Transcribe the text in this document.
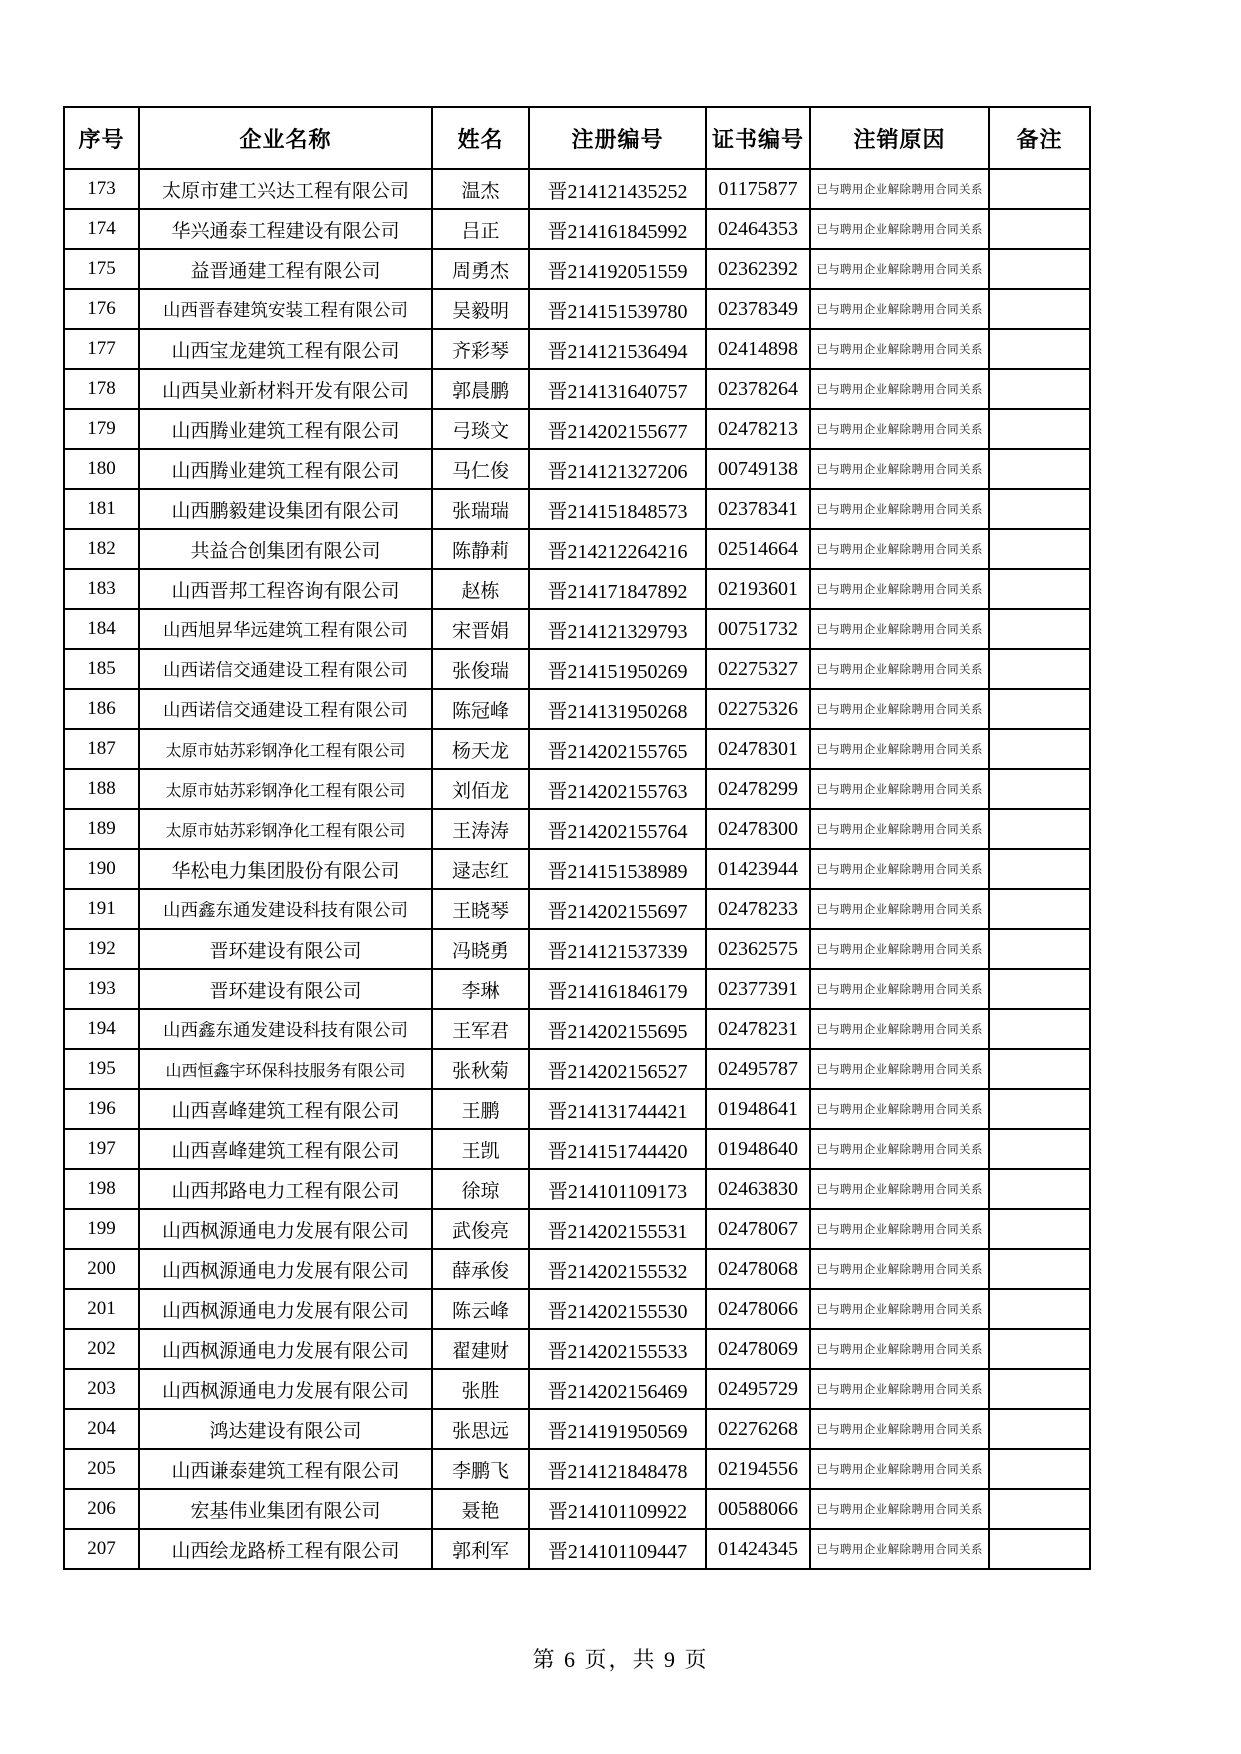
序号	企业名称	姓名	注册编号	证书编号	注销原因	备注
173	太原市建工兴达工程有限公司	温杰	晋214121435252	01175877	已与聘用企业解除聘用合同关系	
174	华兴通泰工程建设有限公司	吕正	晋214161845992	02464353	已与聘用企业解除聘用合同关系	
175	益晋通建工程有限公司	周勇杰	晋214192051559	02362392	已与聘用企业解除聘用合同关系	
176	山西晋春建筑安装工程有限公司	吴毅明	晋214151539780	02378349	已与聘用企业解除聘用合同关系	
177	山西宝龙建筑工程有限公司	齐彩琴	晋214121536494	02414898	已与聘用企业解除聘用合同关系	
178	山西昊业新材料开发有限公司	郭晨鹏	晋214131640757	02378264	已与聘用企业解除聘用合同关系	
179	山西腾业建筑工程有限公司	弓琰文	晋214202155677	02478213	已与聘用企业解除聘用合同关系	
180	山西腾业建筑工程有限公司	马仁俊	晋214121327206	00749138	已与聘用企业解除聘用合同关系	
181	山西鹏毅建设集团有限公司	张瑞瑞	晋214151848573	02378341	已与聘用企业解除聘用合同关系	
182	共益合创集团有限公司	陈静莉	晋214212264216	02514664	已与聘用企业解除聘用合同关系	
183	山西晋邦工程咨询有限公司	赵栋	晋214171847892	02193601	已与聘用企业解除聘用合同关系	
184	山西旭昇华远建筑工程有限公司	宋晋娟	晋214121329793	00751732	已与聘用企业解除聘用合同关系	
185	山西诺信交通建设工程有限公司	张俊瑞	晋214151950269	02275327	已与聘用企业解除聘用合同关系	
186	山西诺信交通建设工程有限公司	陈冠峰	晋214131950268	02275326	已与聘用企业解除聘用合同关系	
187	太原市姑苏彩钢净化工程有限公司	杨天龙	晋214202155765	02478301	已与聘用企业解除聘用合同关系	
188	太原市姑苏彩钢净化工程有限公司	刘佰龙	晋214202155763	02478299	已与聘用企业解除聘用合同关系	
189	太原市姑苏彩钢净化工程有限公司	王涛涛	晋214202155764	02478300	已与聘用企业解除聘用合同关系	
190	华松电力集团股份有限公司	逯志红	晋214151538989	01423944	已与聘用企业解除聘用合同关系	
191	山西鑫东通发建设科技有限公司	王晓琴	晋214202155697	02478233	已与聘用企业解除聘用合同关系	
192	晋环建设有限公司	冯晓勇	晋214121537339	02362575	已与聘用企业解除聘用合同关系	
193	晋环建设有限公司	李琳	晋214161846179	02377391	已与聘用企业解除聘用合同关系	
194	山西鑫东通发建设科技有限公司	王军君	晋214202155695	02478231	已与聘用企业解除聘用合同关系	
195	山西恒鑫宇环保科技服务有限公司	张秋菊	晋214202156527	02495787	已与聘用企业解除聘用合同关系	
196	山西喜峰建筑工程有限公司	王鹏	晋214131744421	01948641	已与聘用企业解除聘用合同关系	
197	山西喜峰建筑工程有限公司	王凯	晋214151744420	01948640	已与聘用企业解除聘用合同关系	
198	山西邦路电力工程有限公司	徐琼	晋214101109173	02463830	已与聘用企业解除聘用合同关系	
199	山西枫源通电力发展有限公司	武俊亮	晋214202155531	02478067	已与聘用企业解除聘用合同关系	
200	山西枫源通电力发展有限公司	薛承俊	晋214202155532	02478068	已与聘用企业解除聘用合同关系	
201	山西枫源通电力发展有限公司	陈云峰	晋214202155530	02478066	已与聘用企业解除聘用合同关系	
202	山西枫源通电力发展有限公司	翟建财	晋214202155533	02478069	已与聘用企业解除聘用合同关系	
203	山西枫源通电力发展有限公司	张胜	晋214202156469	02495729	已与聘用企业解除聘用合同关系	
204	鸿达建设有限公司	张思远	晋214191950569	02276268	已与聘用企业解除聘用合同关系	
205	山西谦泰建筑工程有限公司	李鹏飞	晋214121848478	02194556	已与聘用企业解除聘用合同关系	
206	宏基伟业集团有限公司	聂艳	晋214101109922	00588066	已与聘用企业解除聘用合同关系	
207	山西绘龙路桥工程有限公司	郭利军	晋214101109447	01424345	已与聘用企业解除聘用合同关系	
第 6 页，共 9 页
